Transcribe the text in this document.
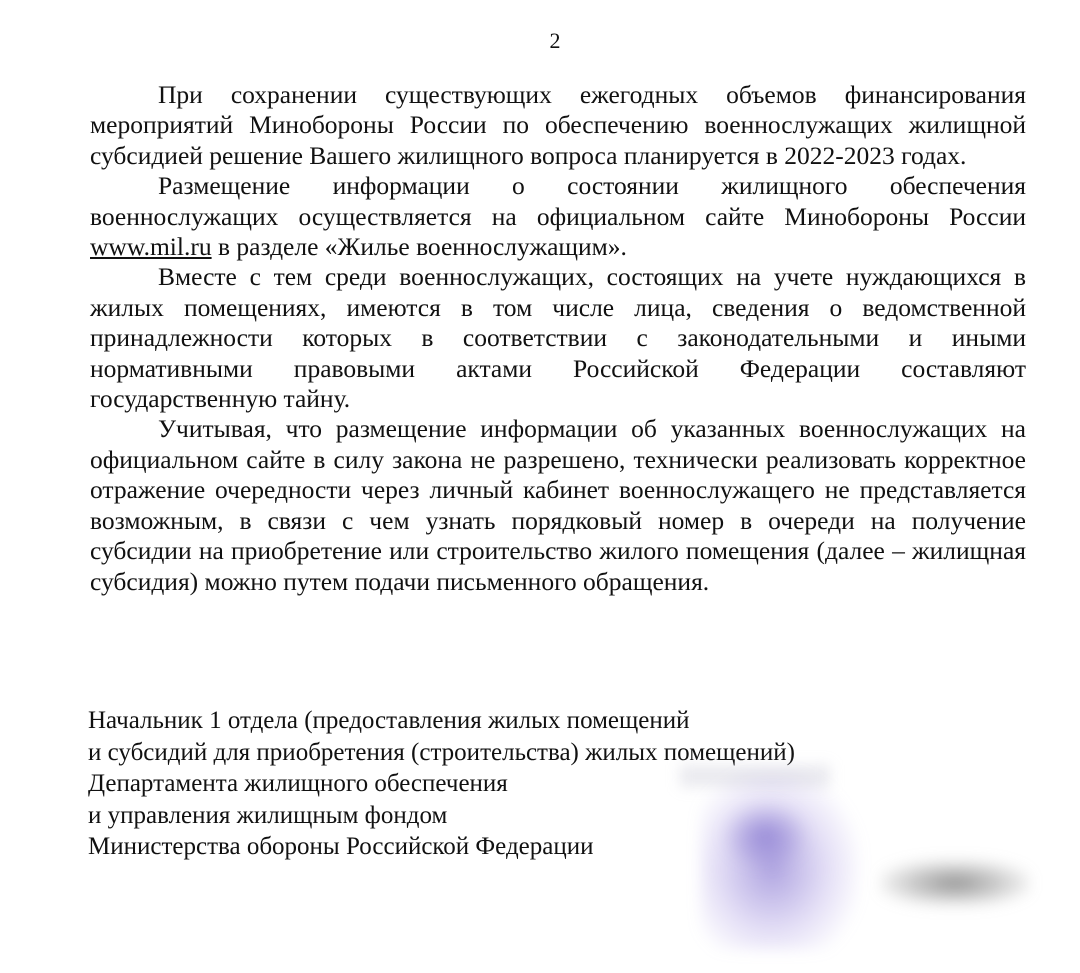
2

При сохранении существующих ежегодных объемов финансирования мероприятий Минобороны России по обеспечению военнослужащих жилищной субсидией решение Вашего жилищного вопроса планируется в 2022-2023 годах.

Размещение информации о состоянии жилищного обеспечения военнослужащих осуществляется на официальном сайте Минобороны России www.mil.ru в разделе «Жилье военнослужащим».

Вместе с тем среди военнослужащих, состоящих на учете нуждающихся в жилых помещениях, имеются в том числе лица, сведения о ведомственной принадлежности которых в соответствии с законодательными и иными нормативными правовыми актами Российской Федерации составляют государственную тайну.

Учитывая, что размещение информации об указанных военнослужащих на официальном сайте в силу закона не разрешено, технически реализовать корректное отражение очередности через личный кабинет военнослужащего не представляется возможным, в связи с чем узнать порядковый номер в очереди на получение субсидии на приобретение или строительство жилого помещения (далее – жилищная субсидия) можно путем подачи письменного обращения.

Начальник 1 отдела (предоставления жилых помещений
и субсидий для приобретения (строительства) жилых помещений)
Департамента жилищного обеспечения
и управления жилищным фондом
Министерства обороны Российской Федерации
